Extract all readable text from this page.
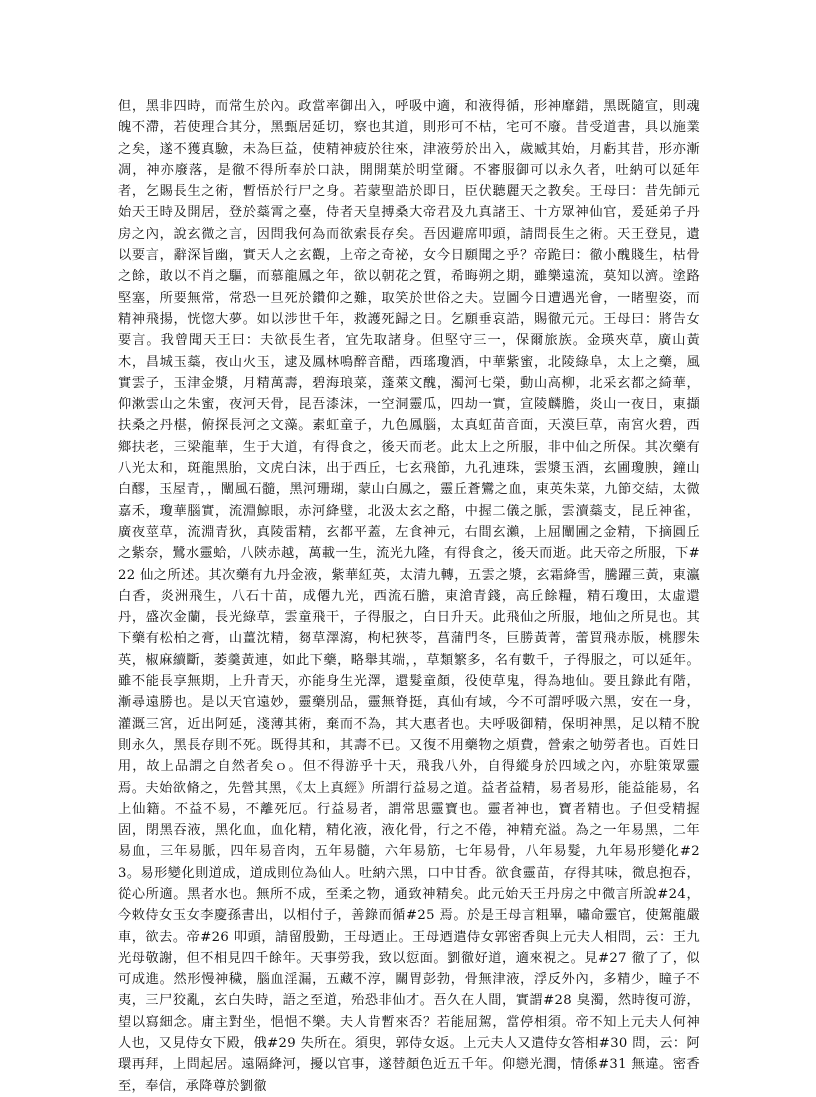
但，黑非四時，而常生於內。政當率御出入，呼吸中適，和液得循，形神靡錯，黑既隨宣，則魂魄不滯，若使理合其分，黑甄居延切，察也其道，則形可不枯，宅可不廢。昔受道書，具以施業之矣，遂不獲真驗，未為巨益，使精神疲於往來，津液勞於出入，歲臧其始，月虧其昔，形亦漸凋，神亦廢落，是徹不得所奉於口訣，開開葉於明堂爾。不審服御可以永久者，吐納可以延年者，乞賜長生之術，暫悟於行尸之身。若蒙聖誥於即日，臣伏聽麗天之教矣。王母曰：昔先師元始天王時及開居，登於蘂霄之臺，侍者天皇搏桑大帝君及九真諸王、十方眾神仙官，爰延弟子丹房之內，說玄微之言，因問我何為而欲索長存矣。吾因避席叩頭，請問長生之術。天王登見，遺以要言，辭深旨幽，實天人之玄觀，上帝之奇祕，女今日願聞之乎？帝跪曰：徹小醜賤生，枯骨之餘，敢以不肖之驅，而慕龍鳳之年，欲以朝花之質，希晦朔之期，雖樂遠流，莫知以濟。塗路堅塞，所要無常，常恐一旦死於鑽仰之難，取笑於世俗之夫。豈圖今日遭遇光會，一睹聖姿，而精神飛揚，恍惚大夢。如以涉世千年，救護死歸之日。乞願垂哀誥，賜徹元元。王母曰：將告女要言。我曾聞天王曰：夫欲長生者，宜先取諸身。但堅守三一，保爾旅族。金瑛夾草，廣山黃木，昌城玉蘂，夜山火玉，逮及鳳林鳴醉音醋，西瑤瓊酒，中華紫蜜，北陵綠阜，太上之藥，風實雲子，玉津金漿，月精萬壽，碧海琅菜，蓬萊文醜，濁河七榮，動山高柳，北采玄都之綺華，仰漱雲山之朱蜜，夜河天骨，昆吾漆沫，一空洞靈瓜，四劫一實，宣陵麟膽，炎山一夜日，東擷扶桑之丹椹，俯探長河之文藻。素虹童子，九色鳳腦，太真虹苗音面，天漠巨草，南宮火碧，西鄉扶老，三梁龍華，生于大道，有得食之，後天而老。此太上之所服，非中仙之所保。其次藥有八光太和，斑龍黑胎，文虎白沫，出于西丘，七玄飛節，九孔連珠，雲漿玉酒，玄圃瓊腴，鐘山白醪，玉屋青，，闡風石髓，黑河珊瑚，蒙山白鳳之，靈丘蒼鸞之血，東英朱菜，九節交結，太微嘉禾，瓊華腦實，流淵鯨眼，赤河絳璧，北汲太玄之酪，中握二儀之脈，雲瀆蘂支，昆丘神雀，廣夜莖草，流淵青狄，真陵雷精，玄都平蓋，左食神元，右間玄瀨，上屈闡圃之金精，下摘圓丘之紫奈，鷺水靈蛤，八陝赤越，萬載一生，流光九隆，有得食之，後天而逝。此天帝之所服，下#22 仙之所述。其次藥有九丹金液，紫華紅英，太清九轉，五雲之漿，玄霜絳雪，騰躍三黃，東瀛白香，炎洲飛生，八石十苗，成僊九光，西流石膽，東滄青錢，高丘餘糧，精石瓊田，太虛還丹，盛次金蘭，長光綠草，雲童飛干，子得服之，白日升天。此飛仙之所服，地仙之所見也。其下藥有松柏之膏，山薑沈精，芻草澤瀉，枸杞狹苓，菖蒲門冬，巨勝黃菁，蕾買飛赤版，桃膠朱英，椒麻續斷，萎羹黃連，如此下藥，略舉其端，，草類繁多，名有數千，子得服之，可以延年。雖不能長享無期，上升青天，亦能身生光澤，還髮童顏，役使草鬼，得為地仙。要且錄此有階，漸尋遠勝也。是以天官遠妙，靈藥別品，靈無脊挺，真仙有域，今不可謂呼吸六黑，安在一身，灌溉三宮，近出阿延，淺薄其術，棄而不為，其大惠者也。夫呼吸御精，保明神黑，足以精不脫則永久，黑長存則不死。既得其和，其壽不已。又復不用藥物之煩費，營索之劬勞者也。百姓日用，故上品謂之自然者矣ｏ。但不得游乎十天，飛我八外，自得縱身於四域之內，亦駐策眾靈焉。夫始欲脩之，先營其黑，《太上真經》所謂行益易之道。益者益精，易者易形，能益能易，名上仙籍。不益不易，不離死厄。行益易者，謂常思靈寶也。靈者神也，寶者精也。子但受精握固，閉黑吞液，黑化血，血化精，精化液，液化骨，行之不倦，神精充溢。為之一年易黑，二年易血，三年易脈，四年易音肉，五年易髓，六年易筋，七年易骨，八年易髮，九年易形變化#23。易形變化則道成，道成則位為仙人。吐納六黑，口中甘香。欲食靈苗，存得其味，微息抱吞，從心所適。黑者水也。無所不成，至柔之物，通致神精矣。此元始天王丹房之中微言所說#24，今敕侍女玉女李慶孫書出，以相付子，善錄而循#25 焉。於是王母言粗畢，嘯命靈官，使駕龍嚴車，欲去。帝#26 叩頭，請留殷勤，王母迺止。王母迺遣侍女郭密香與上元夫人相問，云：王九光母敬謝，但不相見四千餘年。天事勞我，致以愆面。劉徹好道，適來視之。見#27 徹了了，似可成進。然形慢神穢，腦血淫漏，五藏不淳，關胃彭勃，骨無津液，浮反外內，多精少，瞳子不夷，三尸狡亂，玄白失時，語之至道，殆恐非仙才。吾久在人間，實謂#28 臭濁，然時復可游，望以寫細念。庸主對坐，悒悒不樂。夫人肯暫來否？若能屈駕，當停相須。帝不知上元夫人何神人也，又見侍女下殿，俄#29 失所在。須臾，郭侍女返。上元夫人又遣侍女答相#30 問，云：阿環再拜，上問起居。遠隔絳河，擾以官事，遂替顏色近五千年。仰戀光潤，情係#31 無違。密香至，奉信，承降尊於劉徹
